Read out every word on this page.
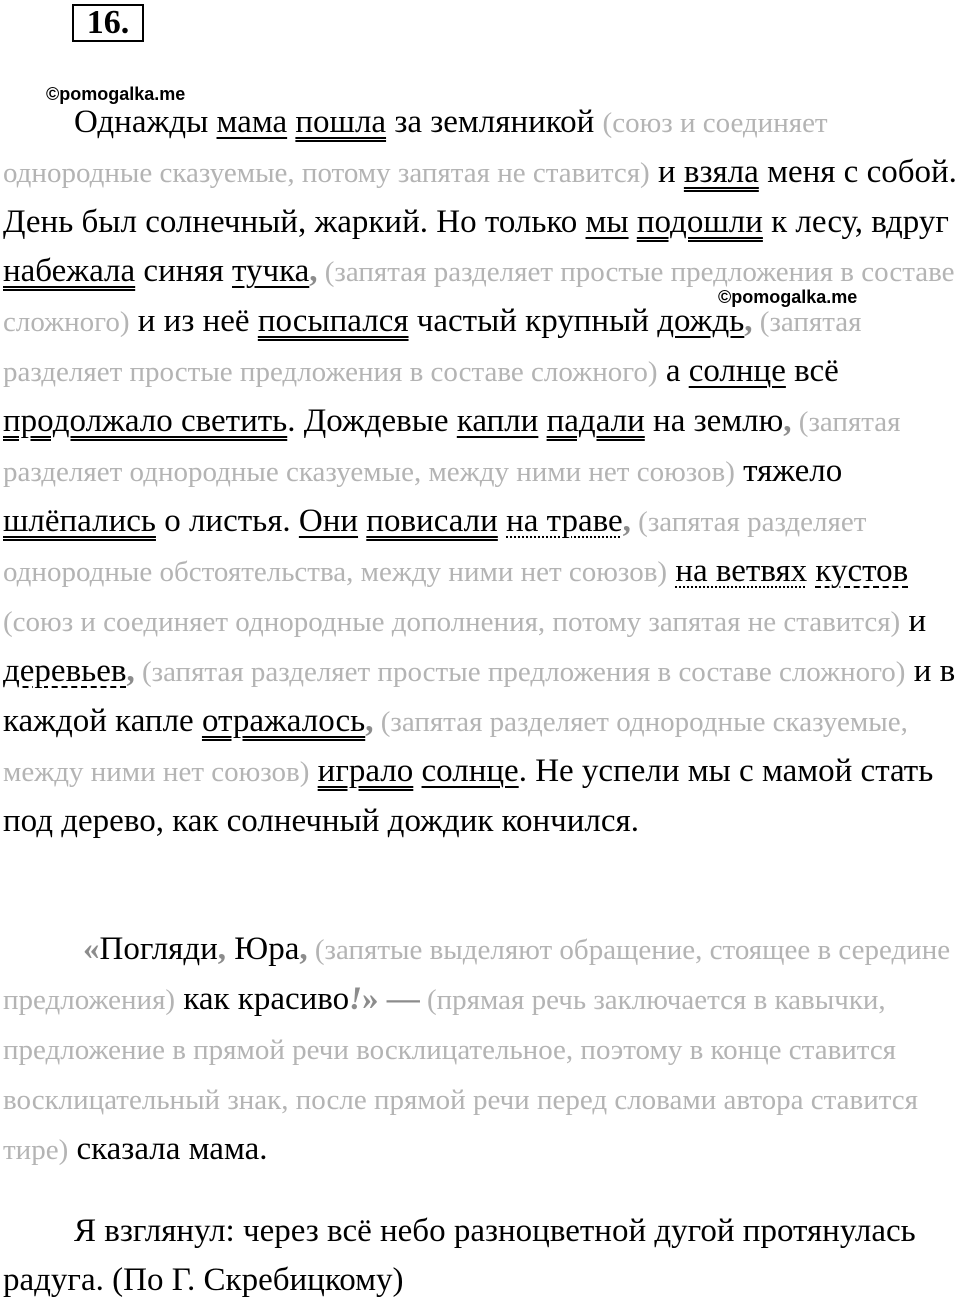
16.
©pomogalka.me
©pomogalka.me

Однажды мама пошла за земляникой (союз и соединяет однородные сказуемые, потому запятая не ставится) и взяла меня с собой. День был солнечный, жаркий. Но только мы подошли к лесу, вдруг набежала синяя тучка, (запятая разделяет простые предложения в составе сложного) и из неё посыпался частый крупный дождь, (запятая разделяет простые предложения в составе сложного) а солнце всё продолжало светить. Дождевые капли падали на землю, (запятая разделяет однородные сказуемые, между ними нет союзов) тяжело шлёпались о листья. Они повисали на траве, (запятая разделяет однородные обстоятельства, между ними нет союзов) на ветвях кустов (союз и соединяет однородные дополнения, потому запятая не ставится) и деревьев, (запятая разделяет простые предложения в составе сложного) и в каждой капле отражалось, (запятая разделяет однородные сказуемые, между ними нет союзов) играло солнце. Не успели мы с мамой стать под дерево, как солнечный дождик кончился.

«Погляди, Юра, (запятые выделяют обращение, стоящее в середине предложения) как красиво!» — (прямая речь заключается в кавычки, предложение в прямой речи восклицательное, поэтому в конце ставится восклицательный знак, после прямой речи перед словами автора ставится тире) сказала мама.

Я взглянул: через всё небо разноцветной дугой протянулась радуга. (По Г. Скребицкому)
